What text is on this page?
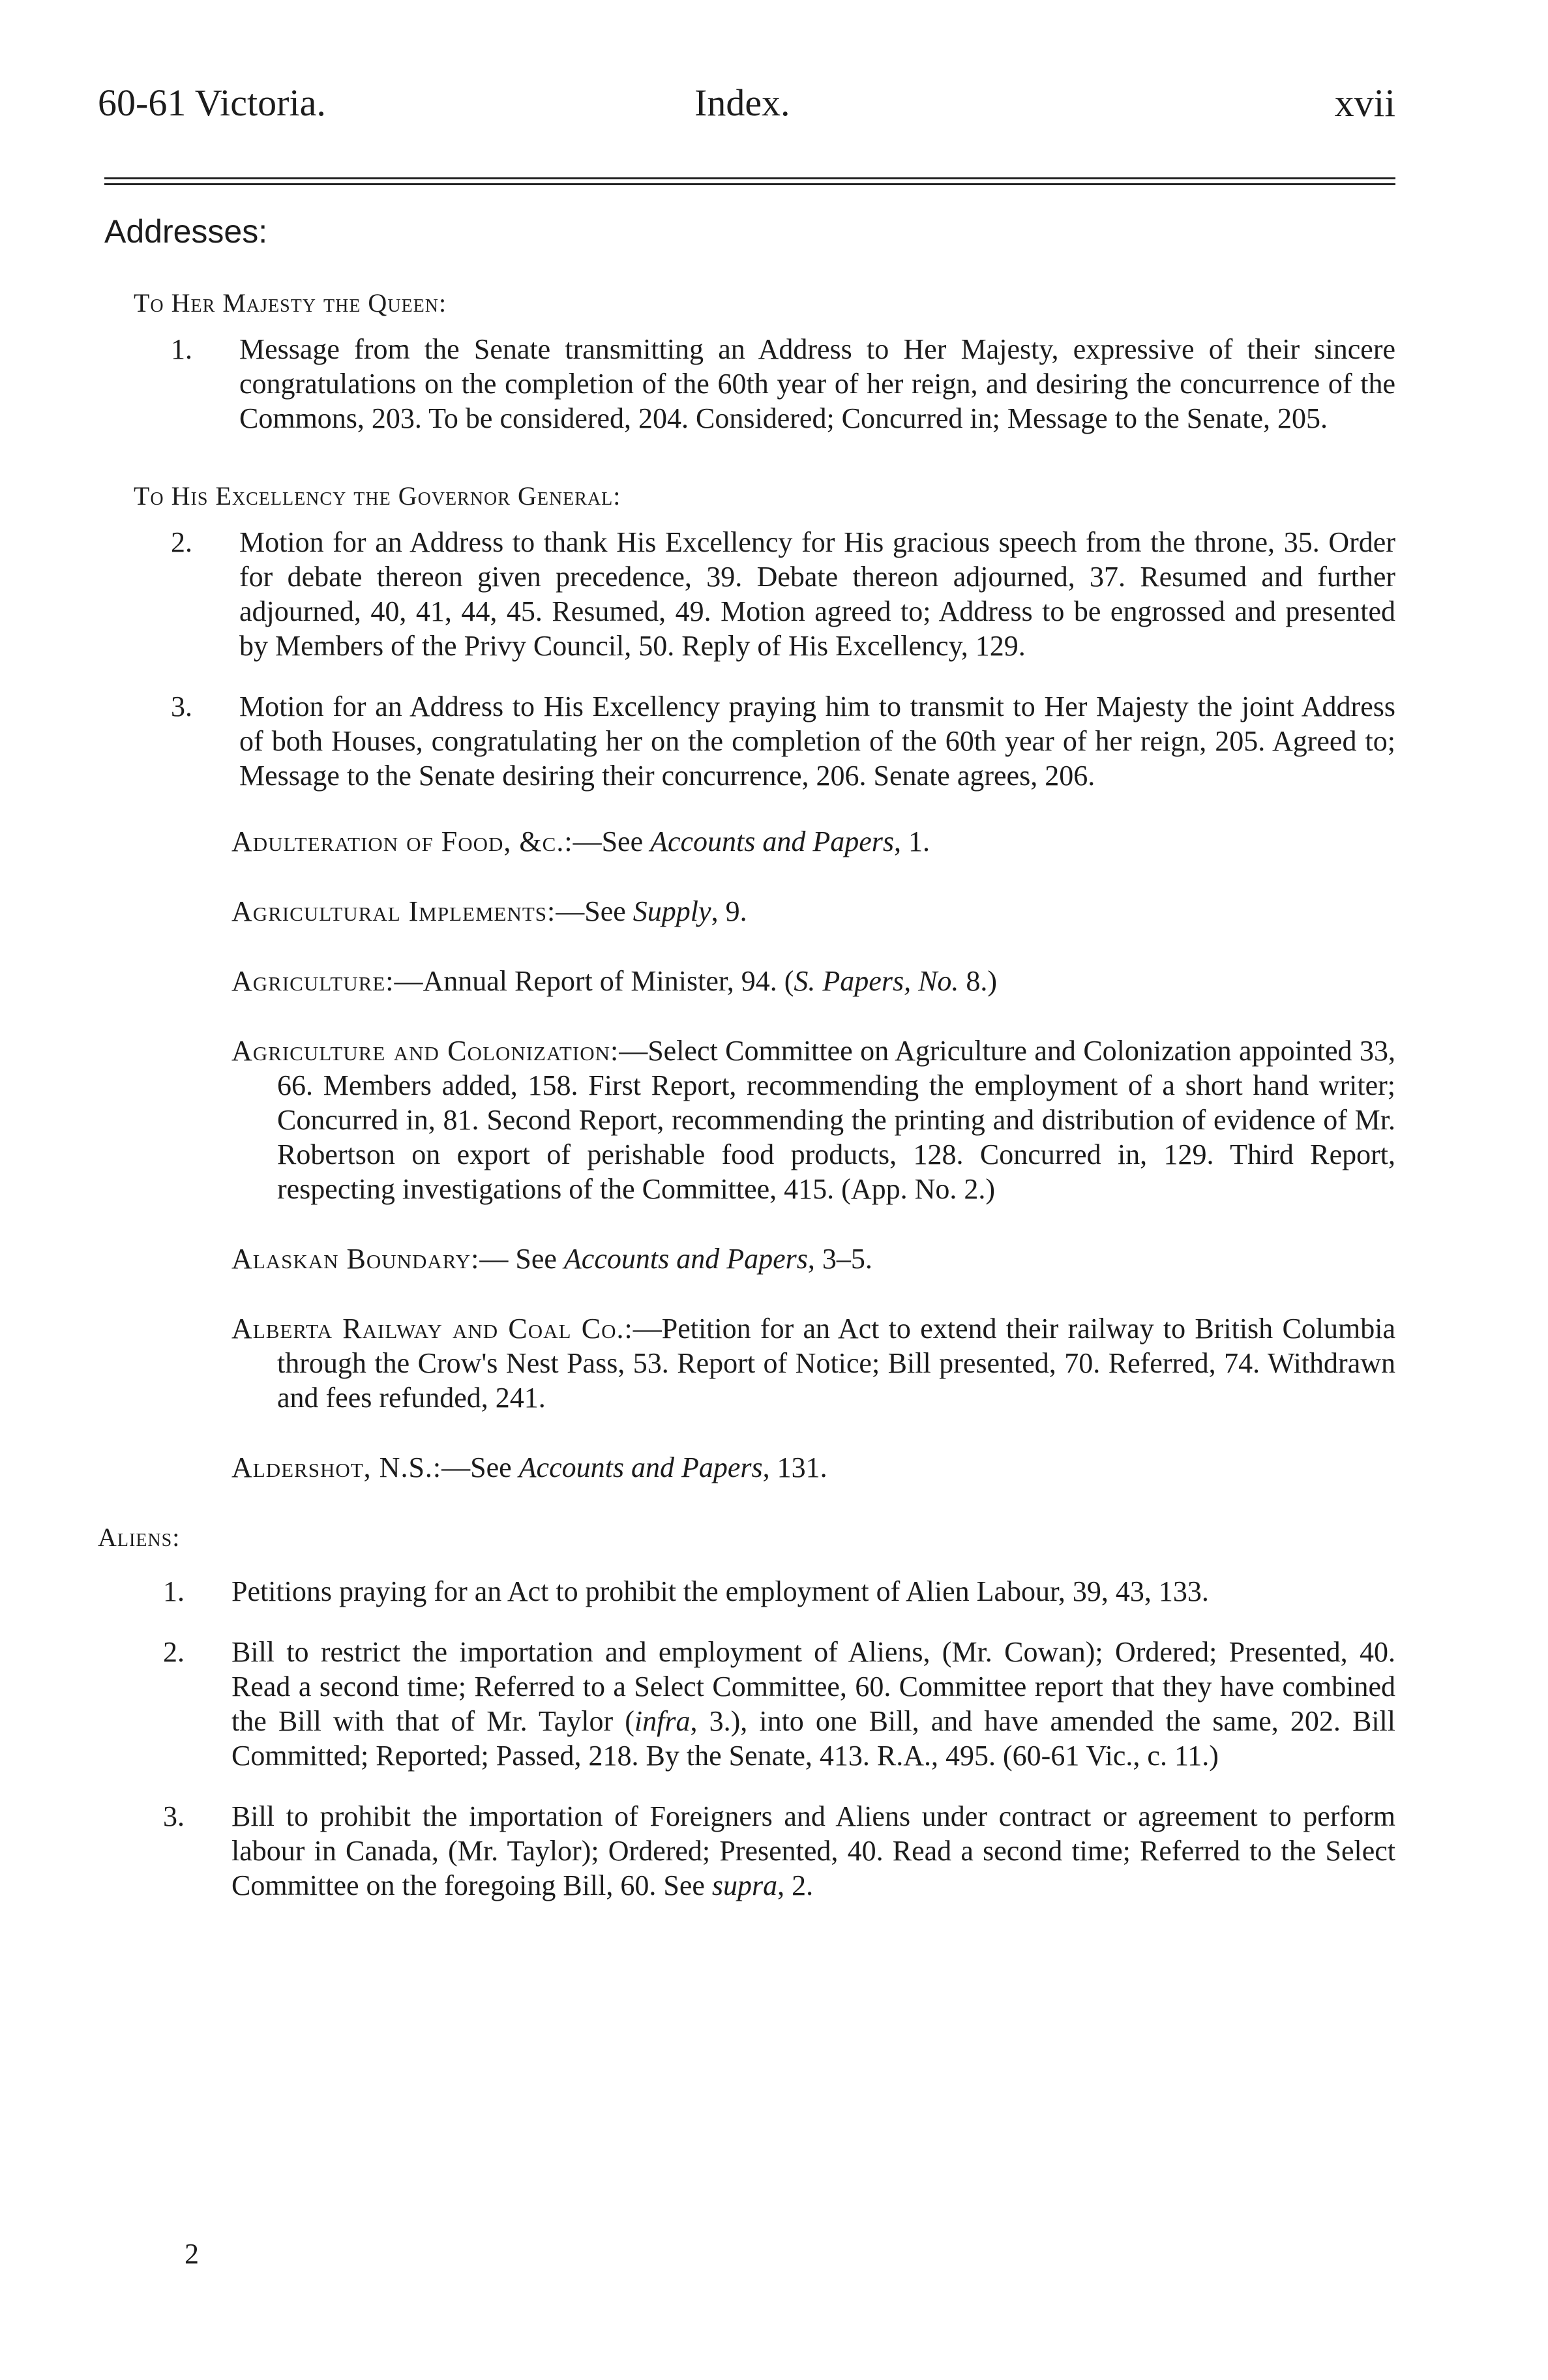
60-61 Victoria.	Index.	xvii
Addresses:
To Her Majesty the Queen:
1. Message from the Senate transmitting an Address to Her Majesty, expressive of their sincere congratulations on the completion of the 60th year of her reign, and desiring the concurrence of the Commons, 203. To be considered, 204. Considered; Concurred in; Message to the Senate, 205.
To His Excellency the Governor General:
2. Motion for an Address to thank His Excellency for His gracious speech from the throne, 35. Order for debate thereon given precedence, 39. Debate thereon adjourned, 37. Resumed and further adjourned, 40, 41, 44, 45. Resumed, 49. Motion agreed to; Address to be engrossed and presented by Members of the Privy Council, 50. Reply of His Excellency, 129.
3. Motion for an Address to His Excellency praying him to transmit to Her Majesty the joint Address of both Houses, congratulating her on the completion of the 60th year of her reign, 205. Agreed to; Message to the Senate desiring their concurrence, 206. Senate agrees, 206.
Adulteration of Food, &c.:—See Accounts and Papers, 1.
Agricultural Implements:—See Supply, 9.
Agriculture:—Annual Report of Minister, 94. (S. Papers, No. 8.)
Agriculture and Colonization:—Select Committee on Agriculture and Colonization appointed 33, 66. Members added, 158. First Report, recommending the employment of a short hand writer; Concurred in, 81. Second Report, recommending the printing and distribution of evidence of Mr. Robertson on export of perishable food products, 128. Concurred in, 129. Third Report, respecting investigations of the Committee, 415. (App. No. 2.)
Alaskan Boundary:— See Accounts and Papers, 3–5.
Alberta Railway and Coal Co.:—Petition for an Act to extend their railway to British Columbia through the Crow's Nest Pass, 53. Report of Notice; Bill presented, 70. Referred, 74. Withdrawn and fees refunded, 241.
Aldershot, N.S.:—See Accounts and Papers, 131.
Aliens:
1. Petitions praying for an Act to prohibit the employment of Alien Labour, 39, 43, 133.
2. Bill to restrict the importation and employment of Aliens, (Mr. Cowan); Ordered; Presented, 40. Read a second time; Referred to a Select Committee, 60. Committee report that they have combined the Bill with that of Mr. Taylor (infra, 3.), into one Bill, and have amended the same, 202. Bill Committed; Reported; Passed, 218. By the Senate, 413. R.A., 495. (60-61 Vic., c. 11.)
3. Bill to prohibit the importation of Foreigners and Aliens under contract or agreement to perform labour in Canada, (Mr. Taylor); Ordered; Presented, 40. Read a second time; Referred to the Select Committee on the foregoing Bill, 60. See supra, 2.
2
